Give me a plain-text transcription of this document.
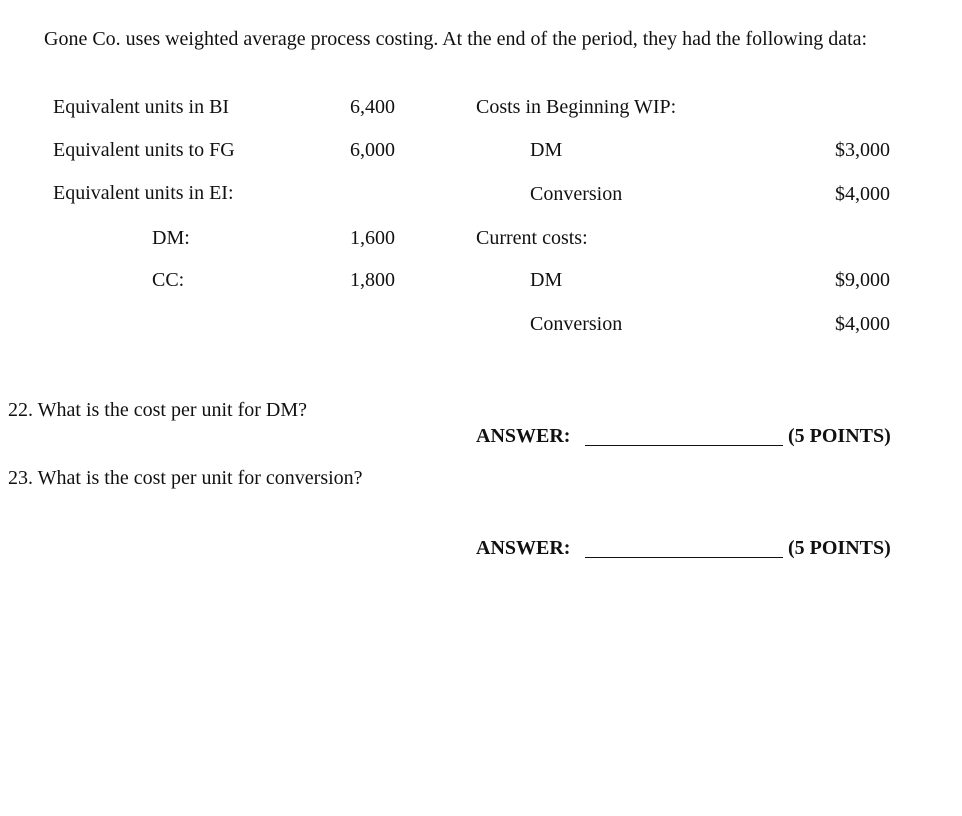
Gone Co. uses weighted average process costing. At the end of the period, they had the following data:
Equivalent units in BI	6,400
Equivalent units to FG	6,000
Equivalent units in EI:
DM:	1,600
CC:	1,800
Costs in Beginning WIP:
DM	$3,000
Conversion	$4,000
Current costs:
DM	$9,000
Conversion	$4,000
22. What is the cost per unit for DM?
ANSWER:	(5 POINTS)
23. What is the cost per unit for conversion?
ANSWER:	(5 POINTS)
